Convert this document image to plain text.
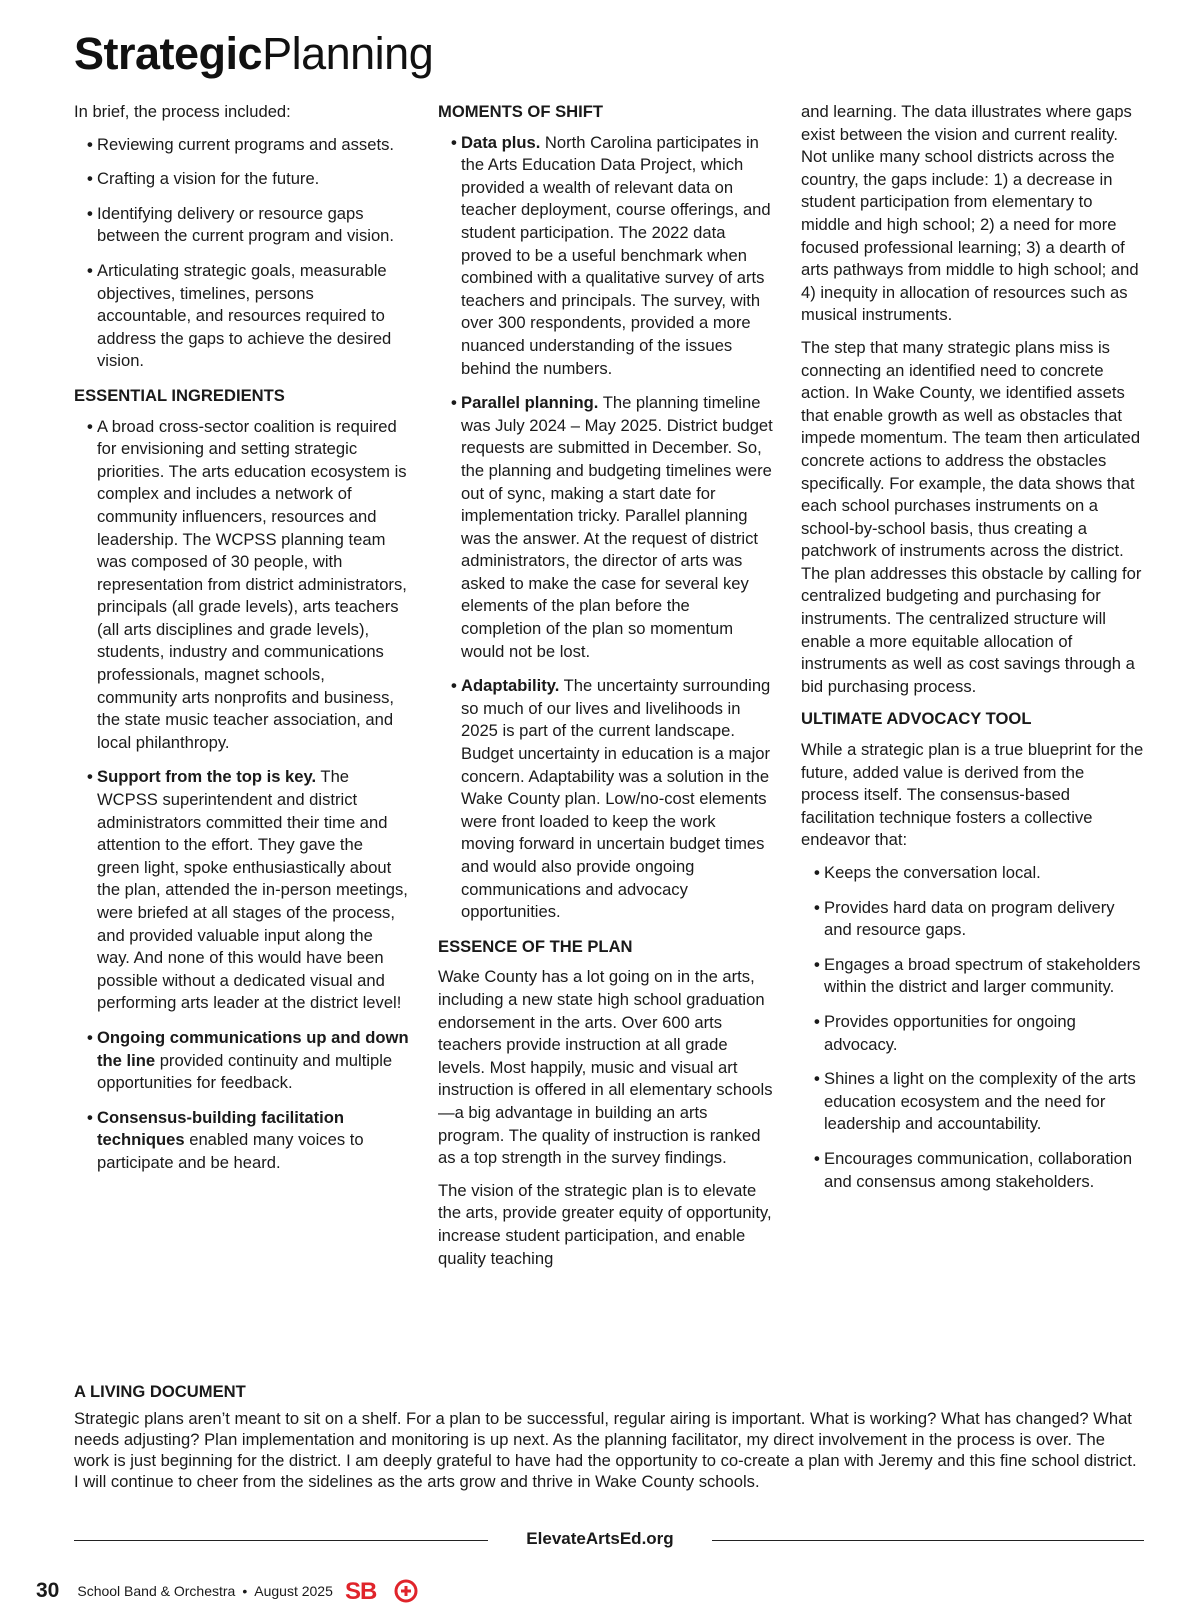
StrategicPlanning

In brief, the process included:

• Reviewing current programs and assets.
• Crafting a vision for the future.
• Identifying delivery or resource gaps between the current program and vision.
• Articulating strategic goals, measurable objectives, timelines, persons accountable, and resources required to address the gaps to achieve the desired vision.
ESSENTIAL INGREDIENTS
• A broad cross-sector coalition is required for envisioning and setting strategic priorities. The arts education ecosystem is complex and includes a network of community influencers, resources and leadership. The WCPSS planning team was composed of 30 people, with representation from district administrators, principals (all grade levels), arts teachers (all arts disciplines and grade levels), students, industry and communications professionals, magnet schools, community arts nonprofits and business, the state music teacher association, and local philanthropy.
• Support from the top is key. The WCPSS superintendent and district administrators committed their time and attention to the effort. They gave the green light, spoke enthusiastically about the plan, attended the in-person meetings, were briefed at all stages of the process, and provided valuable input along the way. And none of this would have been possible without a dedicated visual and performing arts leader at the district level!
• Ongoing communications up and down the line provided continuity and multiple opportunities for feedback.
• Consensus-building facilitation techniques enabled many voices to participate and be heard.
MOMENTS OF SHIFT
• Data plus. North Carolina participates in the Arts Education Data Project, which provided a wealth of relevant data on teacher deployment, course offerings, and student participation. The 2022 data proved to be a useful benchmark when combined with a qualitative survey of arts teachers and principals. The survey, with over 300 respondents, provided a more nuanced understanding of the issues behind the numbers.
• Parallel planning. The planning timeline was July 2024 – May 2025. District budget requests are submitted in December. So, the planning and budgeting timelines were out of sync, making a start date for implementation tricky. Parallel planning was the answer. At the request of district administrators, the director of arts was asked to make the case for several key elements of the plan before the completion of the plan so momentum would not be lost.
• Adaptability. The uncertainty surrounding so much of our lives and livelihoods in 2025 is part of the current landscape. Budget uncertainty in education is a major concern. Adaptability was a solution in the Wake County plan. Low/no-cost elements were front loaded to keep the work moving forward in uncertain budget times and would also provide ongoing communications and advocacy opportunities.
ESSENCE OF THE PLAN

Wake County has a lot going on in the arts, including a new state high school graduation endorsement in the arts. Over 600 arts teachers provide instruction at all grade levels. Most happily, music and visual art instruction is offered in all elementary schools—a big advantage in building an arts program. The quality of instruction is ranked as a top strength in the survey findings.

The vision of the strategic plan is to elevate the arts, provide greater equity of opportunity, increase student participation, and enable quality teaching

and learning. The data illustrates where gaps exist between the vision and current reality. Not unlike many school districts across the country, the gaps include: 1) a decrease in student participation from elementary to middle and high school; 2) a need for more focused professional learning; 3) a dearth of arts pathways from middle to high school; and 4) inequity in allocation of resources such as musical instruments.

The step that many strategic plans miss is connecting an identified need to concrete action. In Wake County, we identified assets that enable growth as well as obstacles that impede momentum. The team then articulated concrete actions to address the obstacles specifically. For example, the data shows that each school purchases instruments on a school-by-school basis, thus creating a patchwork of instruments across the district. The plan addresses this obstacle by calling for centralized budgeting and purchasing for instruments. The centralized structure will enable a more equitable allocation of instruments as well as cost savings through a bid purchasing process.

ULTIMATE ADVOCACY TOOL

While a strategic plan is a true blueprint for the future, added value is derived from the process itself. The consensus-based facilitation technique fosters a collective endeavor that:

• Keeps the conversation local.
• Provides hard data on program delivery and resource gaps.
• Engages a broad spectrum of stakeholders within the district and larger community.
• Provides opportunities for ongoing advocacy.
• Shines a light on the complexity of the arts education ecosystem and the need for leadership and accountability.
• Encourages communication, collaboration and consensus among stakeholders.
A LIVING DOCUMENT

Strategic plans aren’t meant to sit on a shelf. For a plan to be successful, regular airing is important. What is working? What has changed? What needs adjusting? Plan implementation and monitoring is up next. As the planning facilitator, my direct involvement in the process is over. The work is just beginning for the district. I am deeply grateful to have had the opportunity to co-create a plan with Jeremy and this fine school district. I will continue to cheer from the sidelines as the arts grow and thrive in Wake County schools.

ElevateArtsEd.org
30 School Band & Orchestra • August 2025 SB
